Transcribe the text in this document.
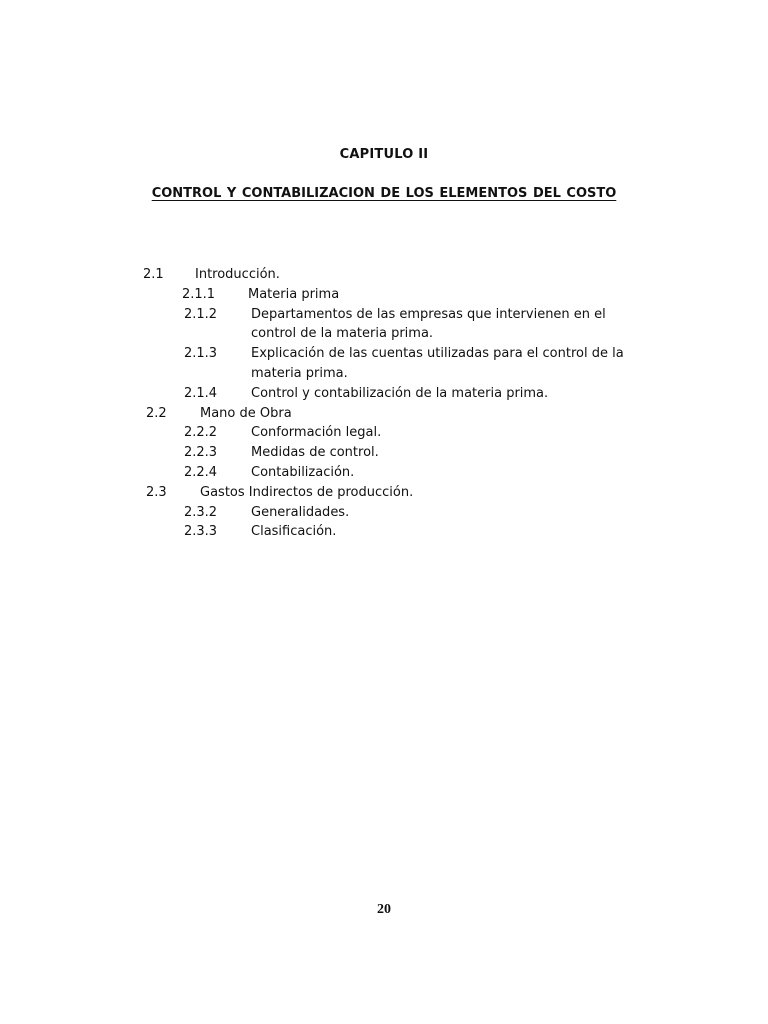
CAPITULO II
CONTROL Y CONTABILIZACION DE LOS ELEMENTOS DEL COSTO
2.1 Introducción.
2.1.1	Materia prima
2.1.2	Departamentos de las empresas que intervienen en el
control de la materia prima.
2.1.3	Explicación de las cuentas utilizadas para el control de la
materia prima.
2.1.4	Control y contabilización de la materia prima.
2.2	Mano de Obra
2.2.2	Conformación legal.
2.2.3	Medidas de control.
2.2.4	Contabilización.
2.3	Gastos Indirectos de producción.
2.3.2	Generalidades.
2.3.3	Clasificación.
20
